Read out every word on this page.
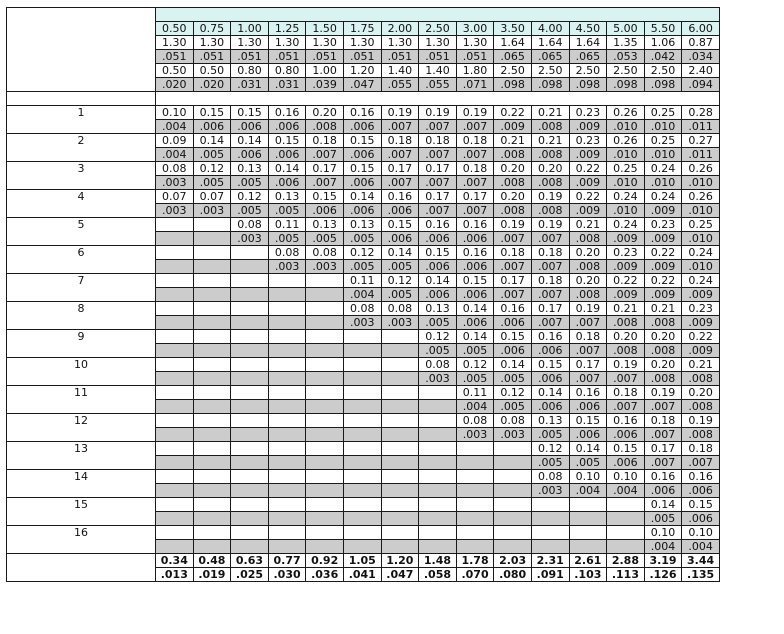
	0.50	0.75	1.00	1.25	1.50	1.75	2.00	2.50	3.00	3.50	4.00	4.50	5.00	5.50	6.00
	1.30	1.30	1.30	1.30	1.30	1.30	1.30	1.30	1.30	1.64	1.64	1.64	1.35	1.06	0.87
	.051	.051	.051	.051	.051	.051	.051	.051	.051	.065	.065	.065	.053	.042	.034
	0.50	0.50	0.80	0.80	1.00	1.20	1.40	1.40	1.80	2.50	2.50	2.50	2.50	2.50	2.40
	.020	.020	.031	.031	.039	.047	.055	.055	.071	.098	.098	.098	.098	.098	.094

1	0.10	0.15	0.15	0.16	0.20	0.16	0.19	0.19	0.19	0.22	0.21	0.23	0.26	0.25	0.28
	.004	.006	.006	.006	.008	.006	.007	.007	.007	.009	.008	.009	.010	.010	.011
2	0.09	0.14	0.14	0.15	0.18	0.15	0.18	0.18	0.18	0.21	0.21	0.23	0.26	0.25	0.27
	.004	.005	.006	.006	.007	.006	.007	.007	.007	.008	.008	.009	.010	.010	.011
3	0.08	0.12	0.13	0.14	0.17	0.15	0.17	0.17	0.18	0.20	0.20	0.22	0.25	0.24	0.26
	.003	.005	.005	.006	.007	.006	.007	.007	.007	.008	.008	.009	.010	.010	.010
4	0.07	0.07	0.12	0.13	0.15	0.14	0.16	0.17	0.17	0.20	0.19	0.22	0.24	0.24	0.26
	.003	.003	.005	.005	.006	.006	.006	.007	.007	.008	.008	.009	.010	.009	.010
5			0.08	0.11	0.13	0.13	0.15	0.16	0.16	0.19	0.19	0.21	0.24	0.23	0.25
			.003	.005	.005	.005	.006	.006	.006	.007	.007	.008	.009	.009	.010
6				0.08	0.08	0.12	0.14	0.15	0.16	0.18	0.18	0.20	0.23	0.22	0.24
				.003	.003	.005	.005	.006	.006	.007	.007	.008	.009	.009	.010
7						0.11	0.12	0.14	0.15	0.17	0.18	0.20	0.22	0.22	0.24
						.004	.005	.006	.006	.007	.007	.008	.009	.009	.009
8						0.08	0.08	0.13	0.14	0.16	0.17	0.19	0.21	0.21	0.23
						.003	.003	.005	.006	.006	.007	.007	.008	.008	.009
9								0.12	0.14	0.15	0.16	0.18	0.20	0.20	0.22
								.005	.005	.006	.006	.007	.008	.008	.009
10								0.08	0.12	0.14	0.15	0.17	0.19	0.20	0.21
								.003	.005	.005	.006	.007	.007	.008	.008
11									0.11	0.12	0.14	0.16	0.18	0.19	0.20
									.004	.005	.006	.006	.007	.007	.008
12									0.08	0.08	0.13	0.15	0.16	0.18	0.19
									.003	.003	.005	.006	.006	.007	.008
13											0.12	0.14	0.15	0.17	0.18
											.005	.005	.006	.007	.007
14											0.08	0.10	0.10	0.16	0.16
											.003	.004	.004	.006	.006
15														0.14	0.15
														.005	.006
16														0.10	0.10
														.004	.004
	0.34	0.48	0.63	0.77	0.92	1.05	1.20	1.48	1.78	2.03	2.31	2.61	2.88	3.19	3.44
	.013	.019	.025	.030	.036	.041	.047	.058	.070	.080	.091	.103	.113	.126	.135
